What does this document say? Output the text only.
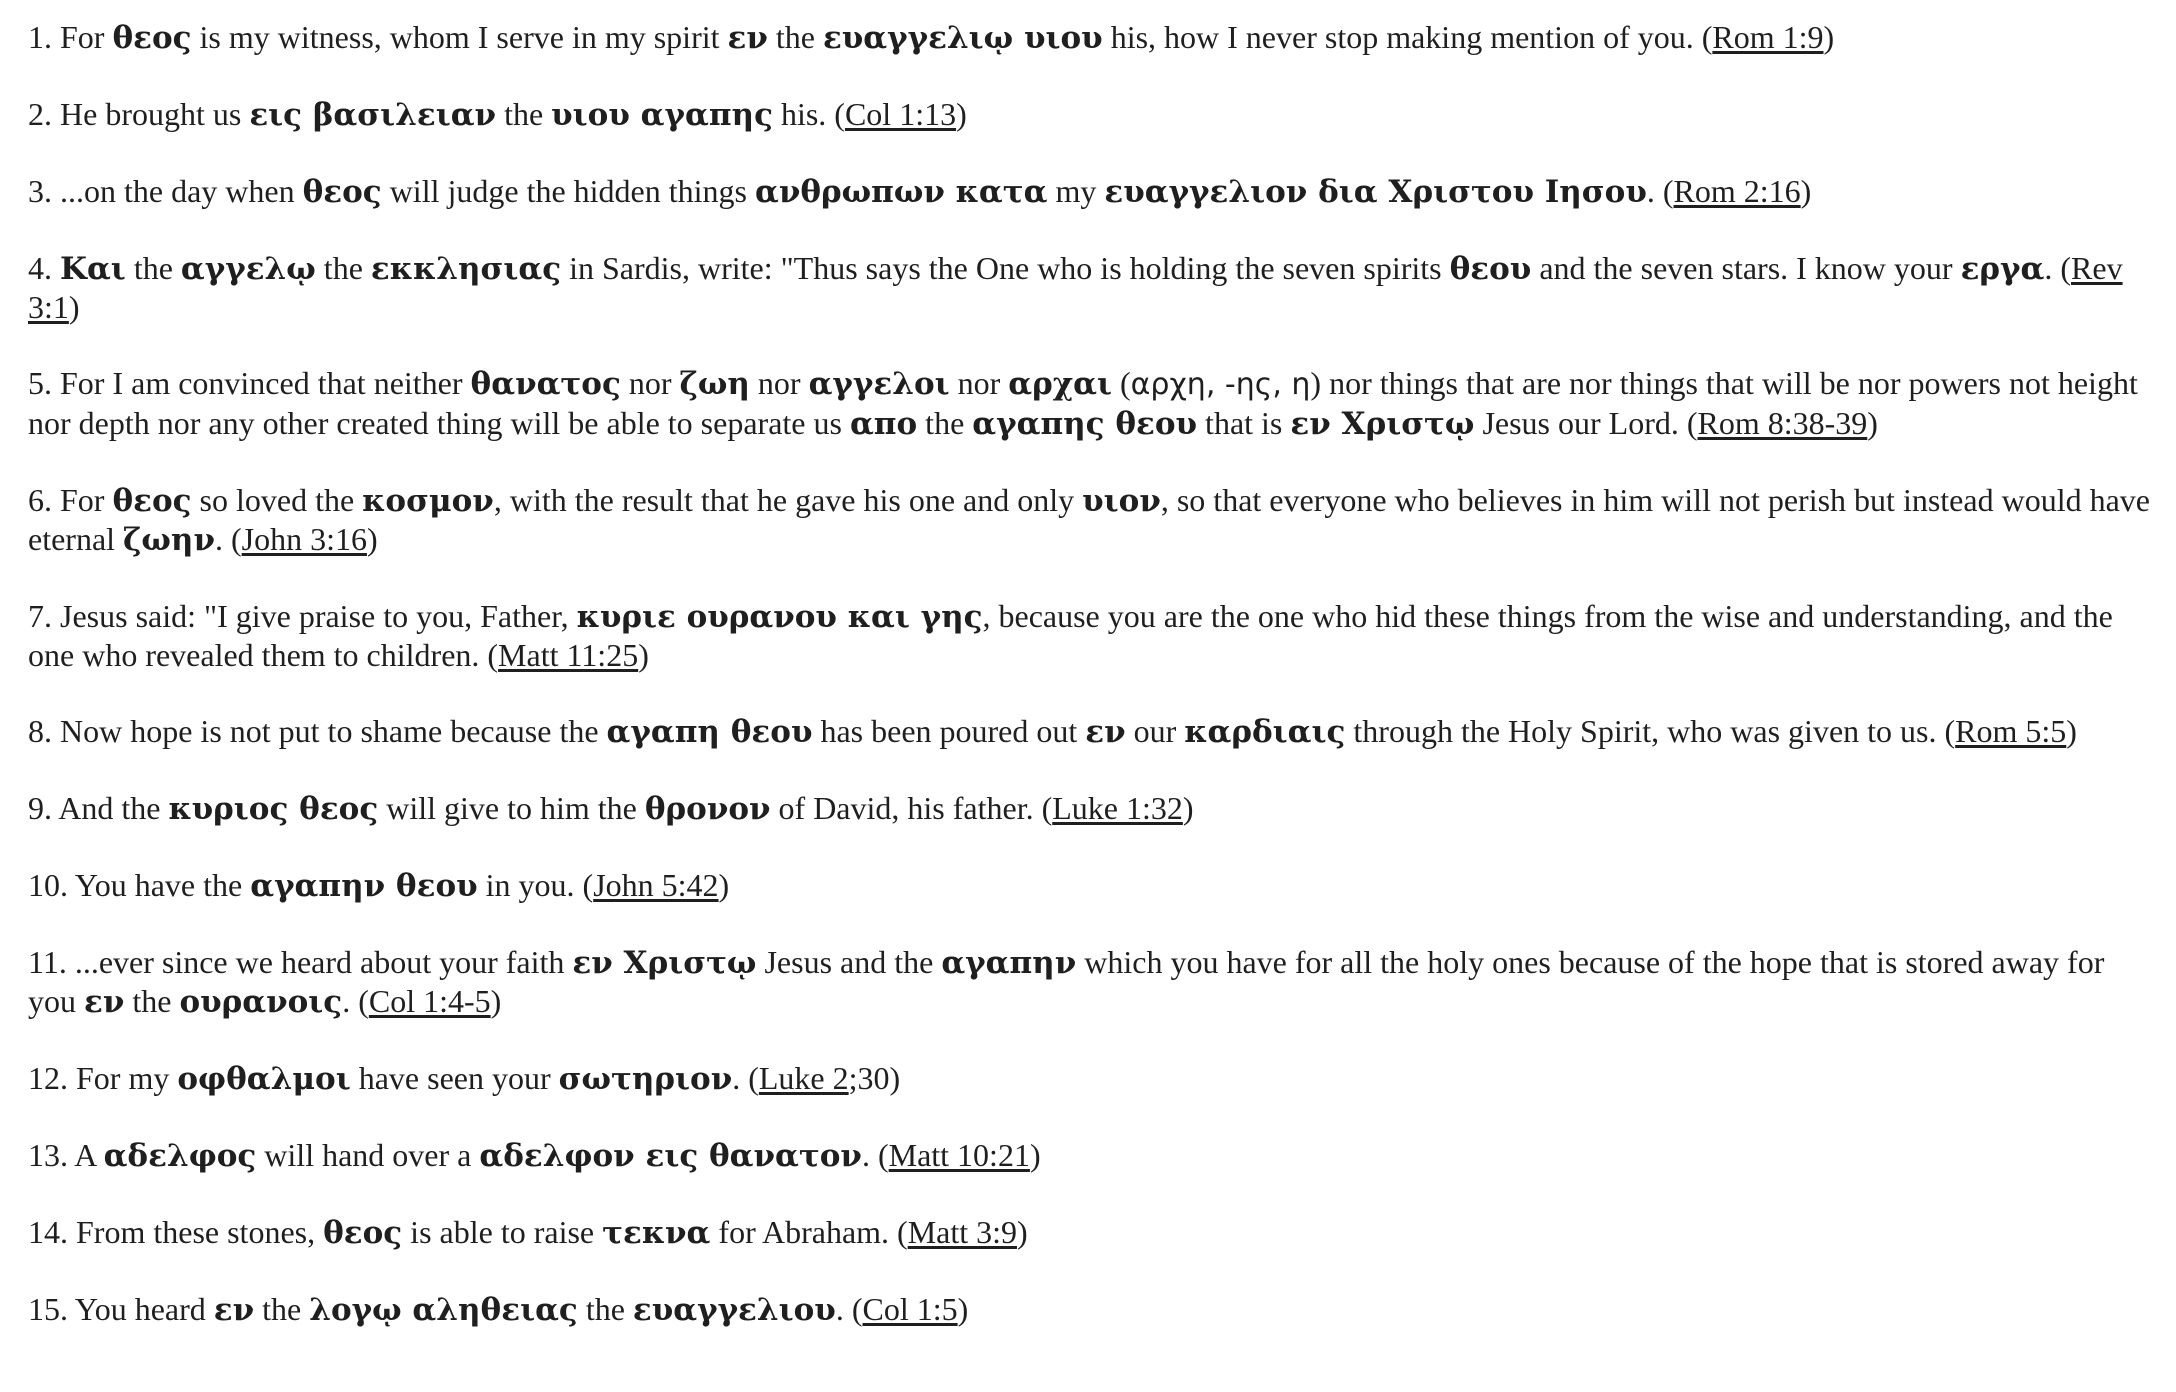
1. For θεος is my witness, whom I serve in my spirit εν the ευαγγελιῳ υιου his, how I never stop making mention of you. (Rom 1:9)

2. He brought us εις βασιλειαν the υιου αγαπης his. (Col 1:13)

3. ...on the day when θεος will judge the hidden things ανθρωπων κατα my ευαγγελιον δια Χριστου Ιησου. (Rom 2:16)

4. Και the αγγελῳ the εκκλησιας in Sardis, write: "Thus says the One who is holding the seven spirits θεου and the seven stars. I know your εργα. (Rev 3:1)

5. For I am convinced that neither θανατος nor ζωη nor αγγελοι nor αρχαι (αρχη, -ης, η) nor things that are nor things that will be nor powers not height nor depth nor any other created thing will be able to separate us απο the αγαπης θεου that is εν Χριστῳ Jesus our Lord. (Rom 8:38-39)

6. For θεος so loved the κοσμον, with the result that he gave his one and only υιον, so that everyone who believes in him will not perish but instead would have eternal ζωην. (John 3:16)

7. Jesus said: "I give praise to you, Father, κυριε ουρανου και γης, because you are the one who hid these things from the wise and understanding, and the one who revealed them to children. (Matt 11:25)

8. Now hope is not put to shame because the αγαπη θεου has been poured out εν our καρδιαις through the Holy Spirit, who was given to us. (Rom 5:5)

9. And the κυριος θεος will give to him the θρονον of David, his father. (Luke 1:32)

10. You have the αγαπην θεου in you. (John 5:42)

11. ...ever since we heard about your faith εν Χριστῳ Jesus and the αγαπην which you have for all the holy ones because of the hope that is stored away for you εν the ουρανοις. (Col 1:4-5)

12. For my οφθαλμοι have seen your σωτηριον. (Luke 2;30)

13. A αδελφος will hand over a αδελφον εις θανατον. (Matt 10:21)

14. From these stones, θεος is able to raise τεκνα for Abraham. (Matt 3:9)

15. You heard εν the λογῳ αληθειας the ευαγγελιου. (Col 1:5)
